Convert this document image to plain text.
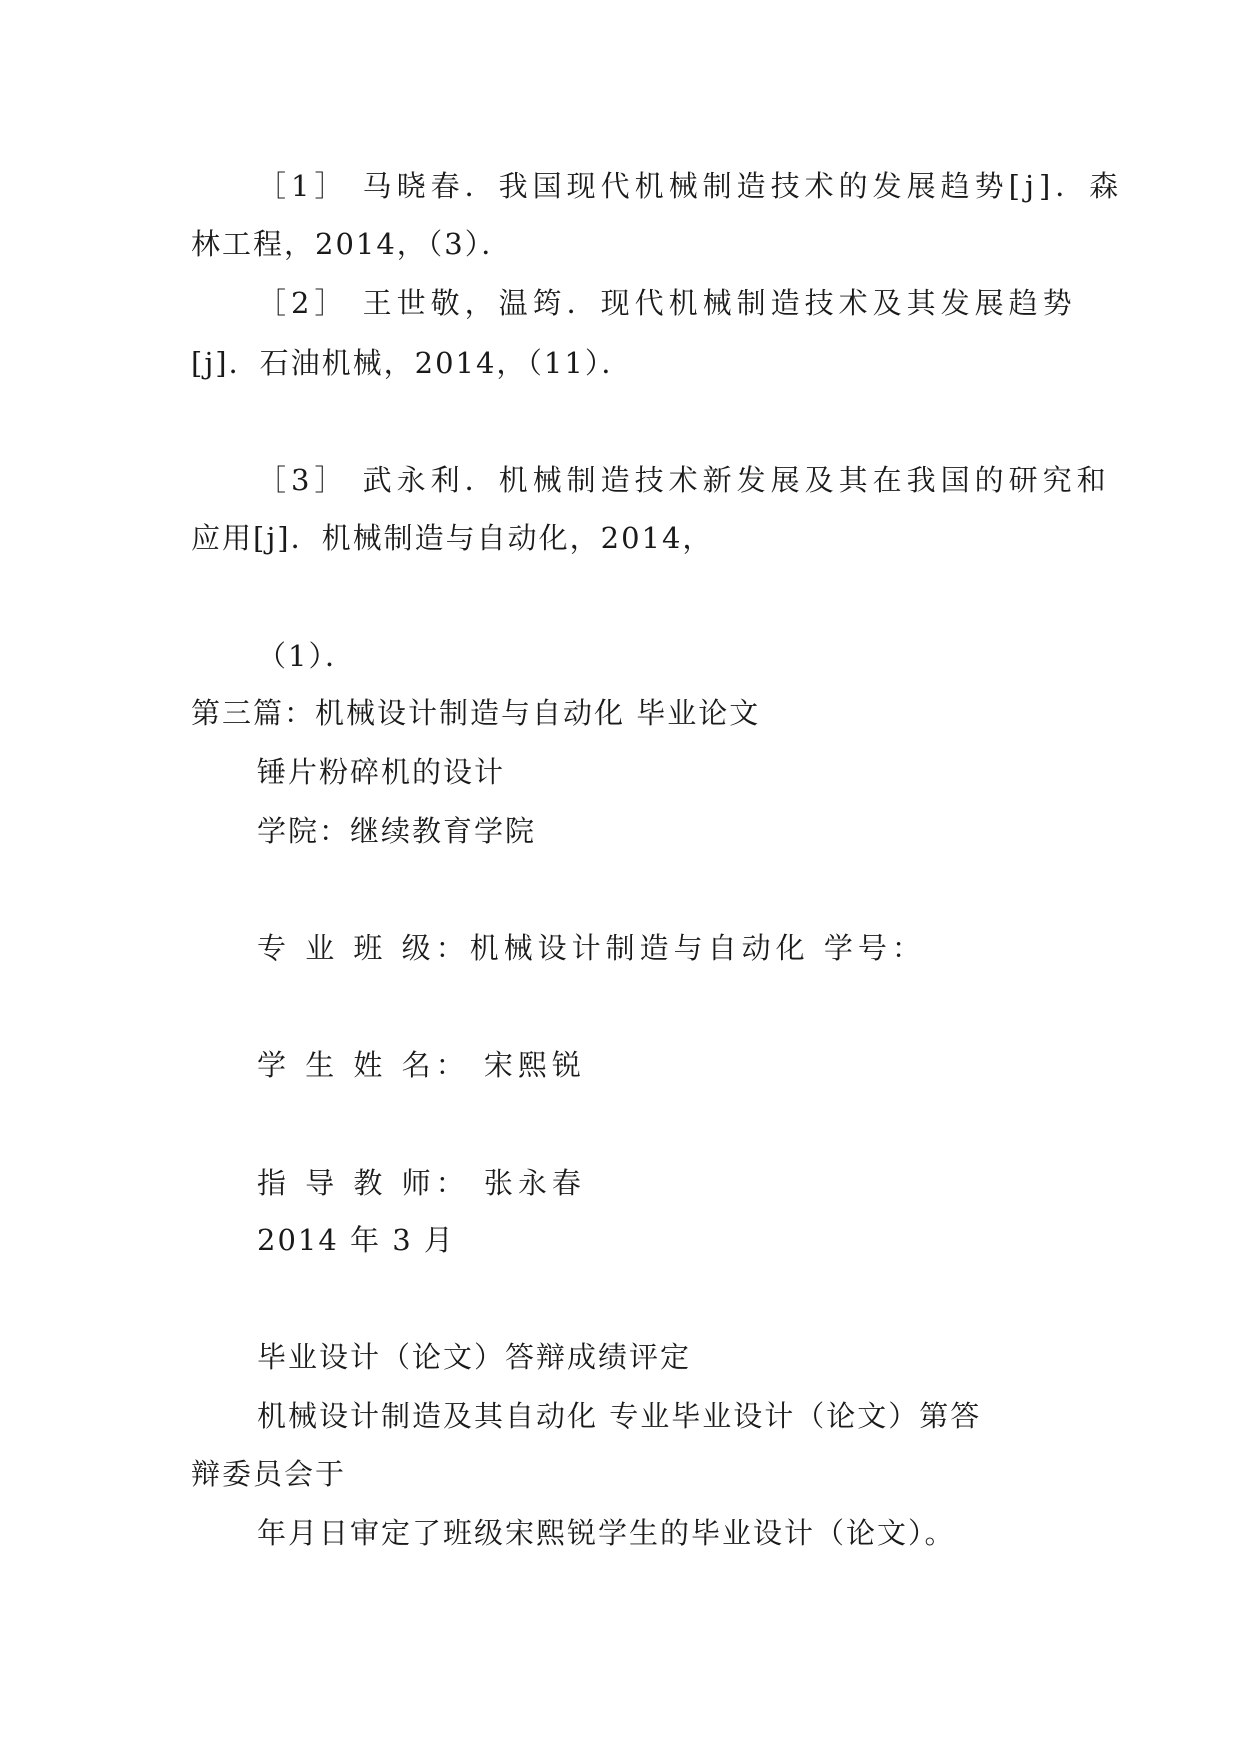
［1］ 马晓春．我国现代机械制造技术的发展趋势[j]．森
林工程，2014，（3）．
［2］ 王世敬，温筠．现代机械制造技术及其发展趋势
[j]．石油机械，2014，（11）．
［3］ 武永利．机械制造技术新发展及其在我国的研究和
应用[j]．机械制造与自动化，2014，
（1）．
第三篇：机械设计制造与自动化 毕业论文
锤片粉碎机的设计
学院：继续教育学院
专 业 班 级：机械设计制造与自动化 学号：
学 生 姓 名： 宋熙锐
指 导 教 师： 张永春
2014 年 3 月
毕业设计（论文）答辩成绩评定
机械设计制造及其自动化 专业毕业设计（论文）第答
辩委员会于
年月日审定了班级宋熙锐学生的毕业设计（论文）。
